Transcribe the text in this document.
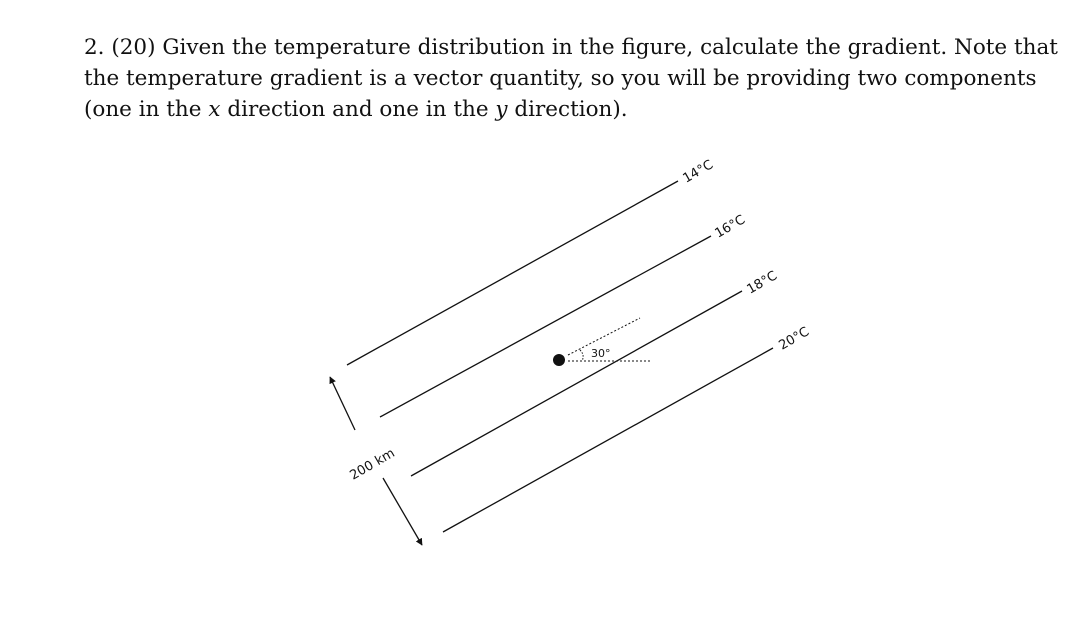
2. (20) Given the temperature distribution in the figure, calculate the gradient. Note that the temperature gradient is a vector quantity, so you will be providing two components (one in the x direction and one in the y direction).

14°C
16°C
18°C
20°C
200 km
30°
